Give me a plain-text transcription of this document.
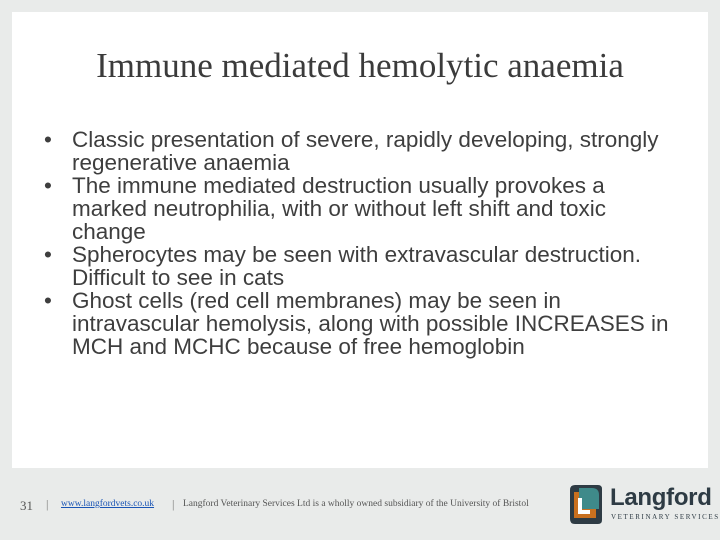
Immune mediated hemolytic anaemia
• Classic presentation of severe, rapidly developing, strongly regenerative anaemia
• The immune mediated destruction usually provokes a marked neutrophilia, with or without left shift and toxic change
• Spherocytes may be seen with extravascular destruction. Difficult to see in cats
• Ghost cells (red cell membranes) may be seen in intravascular hemolysis, along with possible INCREASES in MCH and MCHC because of free hemoglobin
31 | www.langfordvets.co.uk | Langford Veterinary Services Ltd is a wholly owned subsidiary of the University of Bristol	Langford
VETERINARY SERVICES
